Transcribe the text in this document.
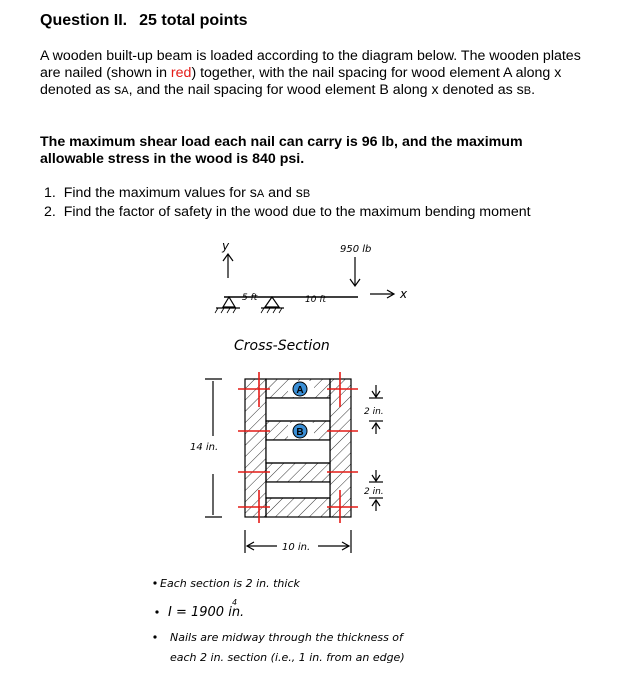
Question II. 25 total points
A wooden built-up beam is loaded according to the diagram below. The wooden plates are nailed (shown in red) together, with the nail spacing for wood element A along x denoted as sA, and the nail spacing for wood element B along x denoted as sB.
The maximum shear load each nail can carry is 96 lb, and the maximum allowable stress in the wood is 840 psi.
1. Find the maximum values for sA and sB
2. Find the factor of safety in the wood due to the maximum bending moment
y
x
950 lb
5 ft	10 ft
Cross-Section
A
B
14 in.
10 in.
2 in.
2 in.
Each section is 2 in. thick
I = 1900 in.
4
Nails are midway through the thickness of
each 2 in. section (i.e., 1 in. from an edge)
